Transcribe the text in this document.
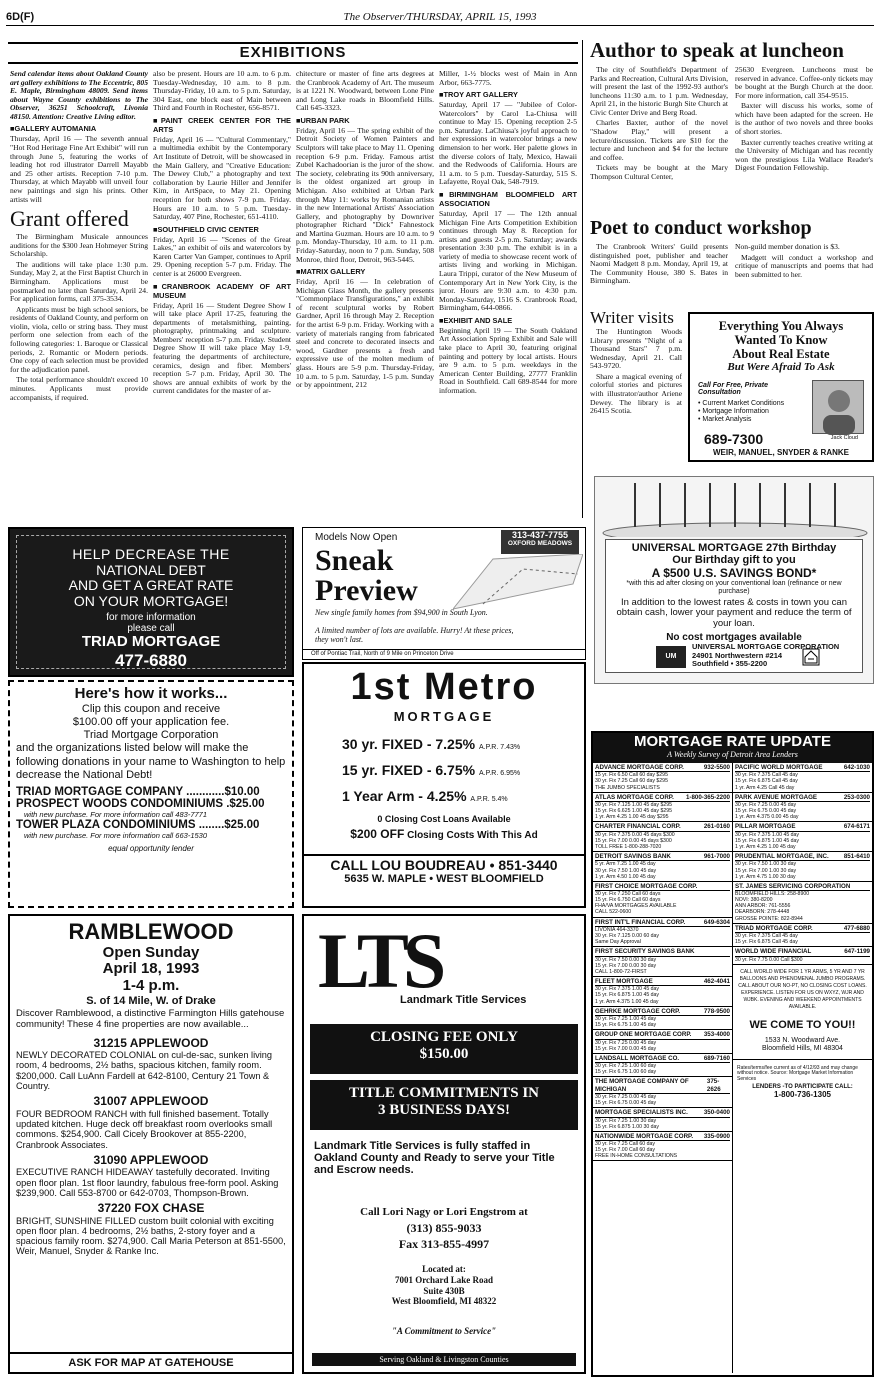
6D(F)	The Observer/THURSDAY, APRIL 15, 1993
EXHIBITIONS

Send calendar items about Oakland County art gallery exhibitions to The Eccentric, 805 E. Maple, Birmingham 48009. Send items about Wayne County exhibitions to The Observer, 36251 Schoolcraft, Livonia 48150. Attention: Creative Living editor.

■ GALLERY AUTOMANIA

Thursday, April 16 — The seventh annual "Hot Rod Heritage Fine Art Exhibit" will run through June 5, featuring the works of leading hot rod illustrator Darrell Mayabb and 25 other artists. Reception 7-10 p.m. Thursday, at which Mayabb will unveil four new paintings and sign his prints. Other artists will

Grant offered

The Birmingham Musicale announces auditions for the $300 Jean Hohmeyer String Scholarship.

The auditions will take place 1:30 p.m. Sunday, May 2, at the First Baptist Church in Birmingham. Applications must be postmarked no later than Saturday, April 24. For application forms, call 375-3534.

Applicants must be high school seniors, be residents of Oakland County, and perform on violin, viola, cello or string bass. They must perform one selection from each of the following categories: 1. Baroque or Classical periods, 2. Romantic or Modern periods. One copy of each selection must be provided for the adjudication panel.

The total performance shouldn't exceed 10 minutes. Applicants must provide accompanists, if required.

also be present. Hours are 10 a.m. to 6 p.m. Tuesday-Wednesday, 10 a.m. to 8 p.m. Thursday-Friday, 10 a.m. to 5 p.m. Saturday, 304 East, one block east of Main between Third and Fourth in Rochester, 656-8571.

■ PAINT CREEK CENTER FOR THE ARTS

Friday, April 16 — "Cultural Commentary," a multimedia exhibit by the Contemporary Art Institute of Detroit, will be showcased in the Main Gallery, and "Creative Education: The Dewey Club," a photography and text collaboration by Laurie Hiller and Jennifer Kim, in ArtSpace, to May 21. Opening reception for both shows 7-9 p.m. Friday. Hours are 10 a.m. to 5 p.m. Tuesday-Saturday, 407 Pine, Rochester, 651-4110.

■ SOUTHFIELD CIVIC CENTER

Friday, April 16 — "Scenes of the Great Lakes," an exhibit of oils and watercolors by Karen Carter Van Gamper, continues to April 29. Opening reception 5-7 p.m. Friday. The center is at 26000 Evergreen.

■ CRANBROOK ACADEMY OF ART MUSEUM

Friday, April 16 — Student Degree Show I will take place April 17-25, featuring the departments of metalsmithing, painting, photography, printmaking and sculpture. Members' reception 5-7 p.m. Friday. Student Degree Show II will take place May 1-9, featuring the departments of architecture, ceramics, design and fiber. Members' reception 5-7 p.m. Friday, April 30. The shows are annual exhibits of work by the current candidates for the master of ar-

chitecture or master of fine arts degrees at the Cranbrook Academy of Art. The museum is at 1221 N. Woodward, between Lone Pine and Long Lake roads in Bloomfield Hills. Call 645-3323.

■ URBAN PARK

Friday, April 16 — The spring exhibit of the Detroit Society of Women Painters and Sculptors will take place to May 11. Opening reception 6-9 p.m. Friday. Famous artist Zubel Kachadoorian is the juror of the show. The society, celebrating its 90th anniversary, is the oldest organized art group in Michigan. Also exhibited at Urban Park through May 11: works by Romanian artists in the new International Artists' Association Gallery, and photography by Downriver photographer Richard "Dick" Fahnestock and Martina Guzman. Hours are 10 a.m. to 9 p.m. Monday-Thursday, 10 a.m. to 11 p.m. Friday-Saturday, noon to 7 p.m. Sunday, 508 Monroe, third floor, Detroit, 963-5445.

■ MATRIX GALLERY

Friday, April 16 — In celebration of Michigan Glass Month, the gallery presents "Commonplace Transfigurations," an exhibit of recent sculptural works by Robert Gardner, April 16 through May 2. Reception for the artist 6-9 p.m. Friday. Working with a variety of materials ranging from fabricated steel and concrete to decorated insects and wood, Gardner presents a fresh and expressive use of the molten medium of glass. Hours are 5-9 p.m. Thursday-Friday, 10 a.m. to 5 p.m. Saturday, 1-5 p.m. Sunday or by appointment, 212

Miller, 1-½ blocks west of Main in Ann Arbor, 663-7775.

■ TROY ART GALLERY

Saturday, April 17 — "Jubilee of Color-Watercolors" by Carol La-Chiusa will continue to May 15. Opening reception 2-5 p.m. Saturday. LaChiusa's joyful approach to her expressions in watercolor brings a new dimension to her work. Her palette glows in the diverse colors of Italy, Mexico, Hawaii and the Redwoods of California. Hours are 11 a.m. to 5 p.m. Tuesday-Saturday, 515 S. Lafayette, Royal Oak, 548-7919.

■ BIRMINGHAM BLOOMFIELD ART ASSOCIATION

Saturday, April 17 — The 12th annual Michigan Fine Arts Competition Exhibition continues through May 8. Reception for artists and guests 2-5 p.m. Saturday; awards presentation 3:30 p.m. The exhibit is in a variety of media to showcase recent work of artists living and working in Michigan. Laura Trippi, curator of the New Museum of Contemporary Art in New York City, is the juror. Hours are 9:30 a.m. to 4:30 p.m. Monday-Saturday, 1516 S. Cranbrook Road, Birmingham, 644-0866.

■ EXHIBIT AND SALE

Beginning April 19 — The South Oakland Art Association Spring Exhibit and Sale will take place to April 30, featuring original painting and pottery by local artists. Hours are 9 a.m. to 5 p.m. weekdays in the American Center Building, 27777 Franklin Road in Southfield. Call 689-8544 for more information.

Author to speak at luncheon

The city of Southfield's Department of Parks and Recreation, Cultural Arts Division, will present the last of the 1992-93 author's luncheons 11:30 a.m. to 1 p.m. Wednesday, April 21, in the historic Burgh Site Church at Civic Center Drive and Berg Road.

Charles Baxter, author of the novel "Shadow Play," will present a lecture/discussion. Tickets are $10 for the lecture and luncheon and $4 for the lecture and coffee.

Tickets may be bought at the Mary Thompson Cultural Center,

25630 Evergreen. Luncheons must be reserved in advance. Coffee-only tickets may be bought at the Burgh Church at the door. For more information, call 354-9515.

Baxter will discuss his works, some of which have been adapted for the screen. He is the author of two novels and three books of short stories.

Baxter currently teaches creative writing at the University of Michigan and has recently won the prestigious Lila Wallace Reader's Digest Foundation Fellowship.

Poet to conduct workshop

The Cranbrook Writers' Guild presents distinguished poet, publisher and teacher Naomi Madgett 8 p.m. Monday, April 19, at The Community House, 380 S. Bates in Birmingham.

Non-guild member donation is $3.

Madgett will conduct a workshop and critique of manuscripts and poems that had been submitted to her.

Writer visits

The Huntington Woods Library presents "Night of a Thousand Stars" 7 p.m. Wednesday, April 21. Call 543-9720.

Share a magical evening of colorful stories and pictures with illustrator/author Ariene Dewey. The library is at 26415 Scotia.

Everything You Always
Wanted To Know
About Real Estate
But Were Afraid To Ask
Call For Free, Private Consultation
• Current Market Conditions
• Mortgage Information
• Market Analysis
Jack Cloud
689-7300
WEIR, MANUEL, SNYDER & RANKE
HELP DECREASE THE
NATIONAL DEBT
AND GET A GREAT RATE
ON YOUR MORTGAGE!
for more information
please call
TRIAD MORTGAGE
477-6880
Here's how it works...

Clip this coupon and receive

$100.00 off your application fee.

Triad Mortgage Corporation

and the organizations listed below will make the following donations in your name to Washington to help decrease the National Debt!

TRIAD MORTGAGE COMPANY ............$10.00
PROSPECT WOODS CONDOMINIUMS .$25.00
with new purchase. For more information call 483-7771
TOWER PLAZA CONDOMINIUMS ........$25.00
with new purchase. For more information call 663-1530
equal opportunity lender
Models Now Open	313-437-7755
OXFORD MEADOWS
Sneak
Preview
New single family homes from $94,900 in South Lyon.
A limited number of lots are available. Hurry! At these prices, they won't last.
Off of Pontiac Trail, North of 9 Mile on Princeton Drive
UNIVERSAL MORTGAGE 27th Birthday
Our Birthday gift to you
A $500 U.S. SAVINGS BOND*
*with this ad after closing on your conventional loan (refinance or new purchase)
In addition to the lowest rates & costs in town you can obtain cash, lower your payment and reduce the term of your loan.
No cost mortgages available
UM
UNIVERSAL MORTGAGE CORPORATION
24901 Northwestern #214
Southfield • 355-2200
1st Metro
MORTGAGE
30 yr. FIXED - 7.25% A.P.R. 7.43%
15 yr. FIXED - 6.75% A.P.R. 6.95%
1 Year Arm - 4.25% A.P.R. 5.4%
0 Closing Cost Loans Available
$200 OFF Closing Costs With This Ad
CALL LOU BOUDREAU • 851-3440
5635 W. MAPLE • WEST BLOOMFIELD
MORTGAGE RATE UPDATE
A Weekly Survey of Detroit Area Lenders
ADVANCE MORTGAGE CORP.	932-5500
15 yr. Fix 6.50 Call 60 day $295
30 yr. Fix 7.25 Call 60 day $295
THE JUMBO SPECIALISTS
ATLAS MORTGAGE CORP. 1-800-365-2200
30 yr. Fix 7.125 1.00 45 day $295
15 yr. Fix 6.625 1.00 45 day $295
1 yr. Arm 4.25 1.00 45 day $295
CHARTER FINANCIAL CORP.	261-0160
30 yr. Fix 7.375 0.00 45 days $300
15 yr. Fix 7.00 0.00 45 days $300
TOLL FREE 1-800-288-7020
DETROIT SAVINGS BANK	961-7000
5 yr. Arm 7.25 1.00 45 day
30 yr. Fix 7.50 1.00 45 day
1 yr. Arm 4.50 1.00 45 day
FIRST CHOICE MORTGAGE CORP.
30 yr. Fix 7.250 Call 60 days
15 yr. Fix 6.750 Call 60 days
FHA/VA MORTGAGES AVAILABLE
CALL 522-0600
FIRST INT'L FINANCIAL CORP.	649-6304
LIVONIA 464-3370
30 yr. Fix 7.125 0.00 60 day
Same Day Approval
FIRST SECURITY SAVINGS BANK
30 yr. Fix 7.50 0.00 30 day
15 yr. Fix 7.00 0.00 30 day
CALL 1-800-72-FIRST
FLEET MORTGAGE	462-4041
30 yr. Fix 7.375 1.00 45 day
15 yr. Fix 6.875 1.00 45 day
1 yr. Arm 4.375 1.00 45 day
GEHRKE MORTGAGE CORP.	778-9500
30 yr. Fix 7.25 1.00 45 day
15 yr. Fix 6.75 1.00 45 day
GROUP ONE MORTGAGE CORP. 353-4000
30 yr. Fix 7.25 0.00 45 day
15 yr. Fix 7.00 0.00 45 day
LANDSALL MORTGAGE CO.	689-7160
30 yr. Fix 7.25 1.00 60 day
15 yr. Fix 6.75 1.00 60 day
THE MORTGAGE COMPANY OF MICHIGAN
375-2626
30 yr. Fix 7.25 0.00 45 day
15 yr. Fix 6.75 0.00 45 day
MORTGAGE SPECIALISTS INC.	350-0400
30 yr. Fix 7.25 1.00 30 day
15 yr. Fix 6.875 1.00 30 day
NATIONWIDE MORTGAGE CORP. 335-0900
30 yr. Fix 7.25 Call 60 day
15 yr. Fix 7.00 Call 60 day
FREE IN-HOME CONSULTATIONS
PACIFIC WORLD MORTGAGE	642-1030
30 yr. Fix 7.375 Call 45 day
15 yr. Fix 6.875 Call 45 day
1 yr. Arm 4.25 Call 45 day
PARK AVENUE MORTGAGE	253-0300
30 yr. Fix 7.25 0.00 45 day
15 yr. Fix 6.75 0.00 45 day
1 yr. Arm 4.375 0.00 45 day
PILLAR MORTGAGE	674-6171
30 yr. Fix 7.375 1.00 45 day
15 yr. Fix 6.875 1.00 45 day
1 yr. Arm 4.25 1.00 45 day
PRUDENTIAL MORTGAGE, INC. 851-6410
30 yr. Fix 7.50 1.00 30 day
15 yr. Fix 7.00 1.00 30 day
1 yr. Arm 4.75 1.00 30 day
ST. JAMES SERVICING CORPORATION
BLOOMFIELD HILLS: 258-8900
NOVI: 380-8200
ANN ARBOR: 761-5556
DEARBORN: 278-4448
GROSSE POINTE: 822-8944
TRIAD MORTGAGE CORP.	477-6880
30 yr. Fix 7.375 Call 45 day
15 yr. Fix 6.875 Call 45 day
WORLD WIDE FINANCIAL	647-1199
30 yr. Fix 7.75 0.00 Call $300
CALL WORLD WIDE FOR 1 YR ARMS, 5 YR AND 7 YR BALLOONS AND PHENOMENAL JUMBO PROGRAMS. CALL ABOUT OUR NO-PT, NO CLOSING COST LOANS. EXPERIENCE. LISTEN FOR US ON WXYZ, WJR AND WJBK. EVENING AND WEEKEND APPOINTMENTS AVAILABLE.
WE COME TO YOU!!
1533 N. Woodward Ave.
Bloomfield Hills, MI 48304
Rates/terms/fee current as of 4/12/93 and may change without notice. Source: Mortgage Market Information Services
LENDERS -TO PARTICIPATE CALL:
1-800-736-1305
RAMBLEWOOD
Open Sunday
April 18, 1993
1-4 p.m.
S. of 14 Mile, W. of Drake
Discover Ramblewood, a distinctive Farmington Hills gatehouse community! These 4 fine properties are now available...
31215 APPLEWOOD
NEWLY DECORATED COLONIAL on cul-de-sac, sunken living room, 4 bedrooms, 2½ baths, spacious kitchen, family room. $200,000. Call LuAnn Fardell at 642-8100, Century 21 Town & Country.
31007 APPLEWOOD
FOUR BEDROOM RANCH with full finished basement. Totally updated kitchen. Huge deck off breakfast room overlooks small commons. $254,900. Call Cicely Brookover at 855-2200, Cranbrook Associates.
31090 APPLEWOOD
EXECUTIVE RANCH HIDEAWAY tastefully decorated. Inviting open floor plan. 1st floor laundry, fabulous free-form pool. Asking $239,900. Call 553-8700 or 642-0703, Thompson-Brown.
37220 FOX CHASE
BRIGHT, SUNSHINE FILLED custom built colonial with exciting open floor plan. 4 bedrooms, 2½ baths, 2-story foyer and a spacious family room. $274,900. Call Maria Peterson at 851-5500, Weir, Manuel, Snyder & Ranke Inc.
ASK FOR MAP AT GATEHOUSE
LTS
Landmark Title Services
CLOSING FEE ONLY
$150.00
TITLE COMMITMENTS IN
3 BUSINESS DAYS!
Landmark Title Services is fully staffed in Oakland County and Ready to serve your Title and Escrow needs.
Call Lori Nagy or Lori Engstrom at
(313) 855-9033
Fax 313-855-4997
Located at:
7001 Orchard Lake Road
Suite 430B
West Bloomfield, MI 48322
"A Commitment to Service"
Serving Oakland & Livingston Counties
